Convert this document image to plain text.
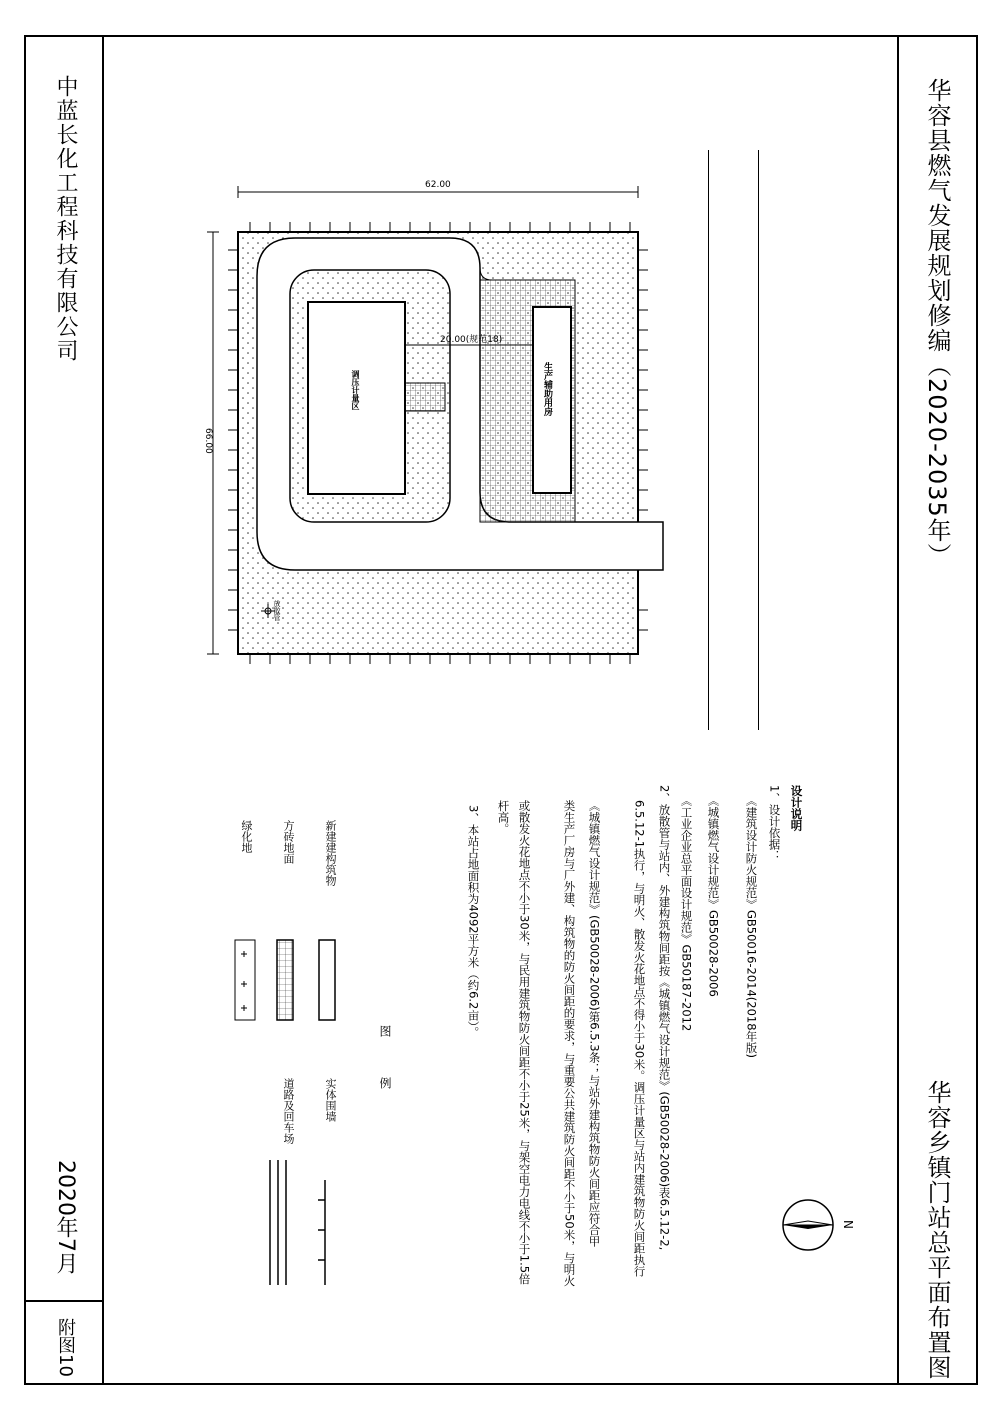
中蓝长化工程科技有限公司
2020年7月
附图10
华容县燃气发展规划修编（2020-2035年）
华容乡镇门站总平面布置图
62.00
66.00
20.00(规范18)
调压计量区	生产辅助用房
放散管
设计说明
1、设计依据：
《建筑设计防火规范》GB50016-2014(2018年版)
《城镇燃气设计规范》GB50028-2006
《工业企业总平面设计规范》GB50187-2012
2、放散管与站内、外建构筑物间距按《城镇燃气设计规范》(GB50028-2006)表6.5.12-2,
6.5.12-1执行，与明火、散发火花地点不得小于30米。调压计量区与站内建筑物防火间距执行
《城镇燃气设计规范》(GB50028-2006)第6.5.3条；与站外建构筑物防火间距应符合甲
类生产厂房与厂外建、构筑物的防火间距的要求，与重要公共建筑防火间距不小于50米，与明火
或散发火花地点不小于30米，与民用建筑物防火间距不小于25米，与架空电力电线不小于1.5倍
杆高。
3、本站占地面积为4092平方米（约6.2亩）。
图 例
新建建构筑物
方砖地面
绿化地
实体围墙
道路及回车场
N
